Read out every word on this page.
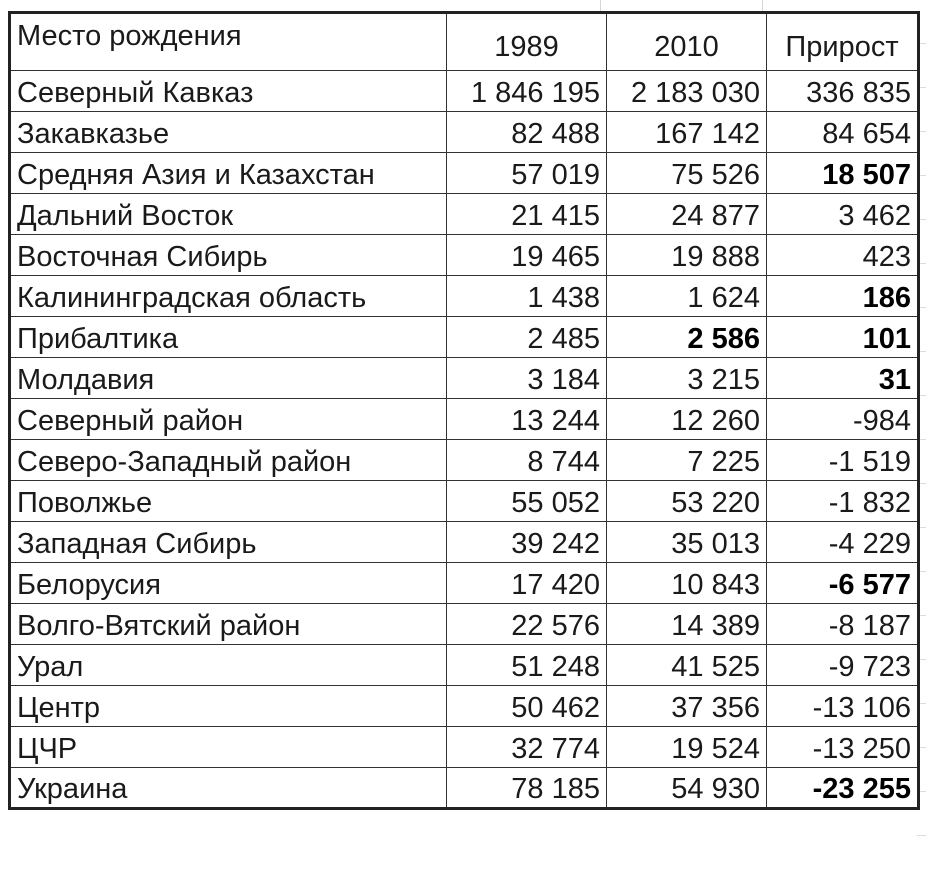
Место рождения	1989	2010	Прирост
Северный Кавказ	1 846 195	2 183 030	336 835
Закавказье	82 488	167 142	84 654
Средняя Азия и Казахстан	57 019	75 526	18 507
Дальний Восток	21 415	24 877	3 462
Восточная Сибирь	19 465	19 888	423
Калининградская область	1 438	1 624	186
Прибалтика	2 485	2 586	101
Молдавия	3 184	3 215	31
Северный район	13 244	12 260	-984
Северо-Западный район	8 744	7 225	-1 519
Поволжье	55 052	53 220	-1 832
Западная Сибирь	39 242	35 013	-4 229
Белорусия	17 420	10 843	-6 577
Волго-Вятский район	22 576	14 389	-8 187
Урал	51 248	41 525	-9 723
Центр	50 462	37 356	-13 106
ЦЧР	32 774	19 524	-13 250
Украина	78 185	54 930	-23 255
